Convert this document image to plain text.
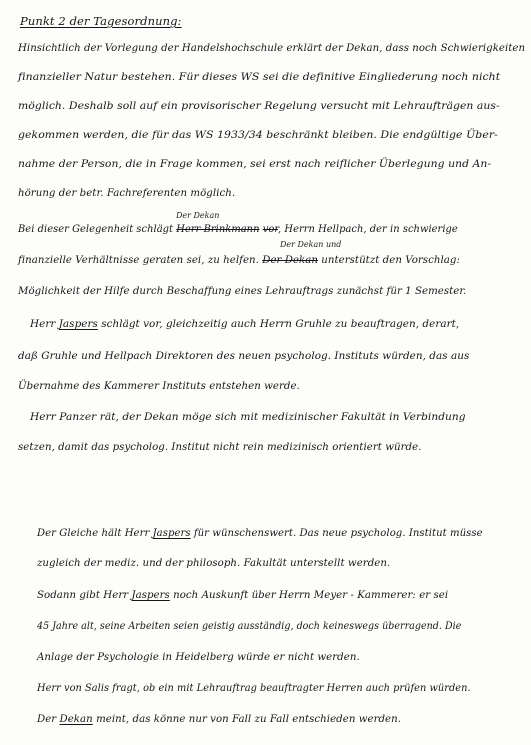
Punkt 2 der Tagesordnung:
Hinsichtlich der Vorlegung der Handelshochschule erklärt der Dekan, dass noch Schwierigkeiten
finanzieller Natur bestehen. Für dieses WS sei die definitive Eingliederung noch nicht
möglich. Deshalb soll auf ein provisorischer Regelung versucht mit Lehraufträgen aus-
gekommen werden, die für das WS 1933/34 beschränkt bleiben. Die endgültige Über-
nahme der Person, die in Frage kommen, sei erst nach reiflicher Überlegung und An-
hörung der betr. Fachreferenten möglich.
Der Dekan
Bei dieser Gelegenheit schlägt Herr Brinkmann vor, Herrn Hellpach, der in schwierige
Der Dekan und
finanzielle Verhältnisse geraten sei, zu helfen. Der Dekan unterstützt den Vorschlag:
Möglichkeit der Hilfe durch Beschaffung eines Lehrauftrags zunächst für 1 Semester.
Herr Jaspers schlägt vor, gleichzeitig auch Herrn Gruhle zu beauftragen, derart,
daß Gruhle und Hellpach Direktoren des neuen psycholog. Instituts würden, das aus
Übernahme des Kammerer Instituts entstehen werde.
Herr Panzer rät, der Dekan möge sich mit medizinischer Fakultät in Verbindung
setzen, damit das psycholog. Institut nicht rein medizinisch orientiert würde.
Der Gleiche hält Herr Jaspers für wünschenswert. Das neue psycholog. Institut müsse
zugleich der mediz. und der philosoph. Fakultät unterstellt werden.
Sodann gibt Herr Jaspers noch Auskunft über Herrn Meyer - Kammerer: er sei
45 Jahre alt, seine Arbeiten seien geistig ausständig, doch keineswegs überragend. Die
Anlage der Psychologie in Heidelberg würde er nicht werden.
Herr von Salis fragt, ob ein mit Lehrauftrag beauftragter Herren auch prüfen würden.
Der Dekan meint, das könne nur von Fall zu Fall entschieden werden.
